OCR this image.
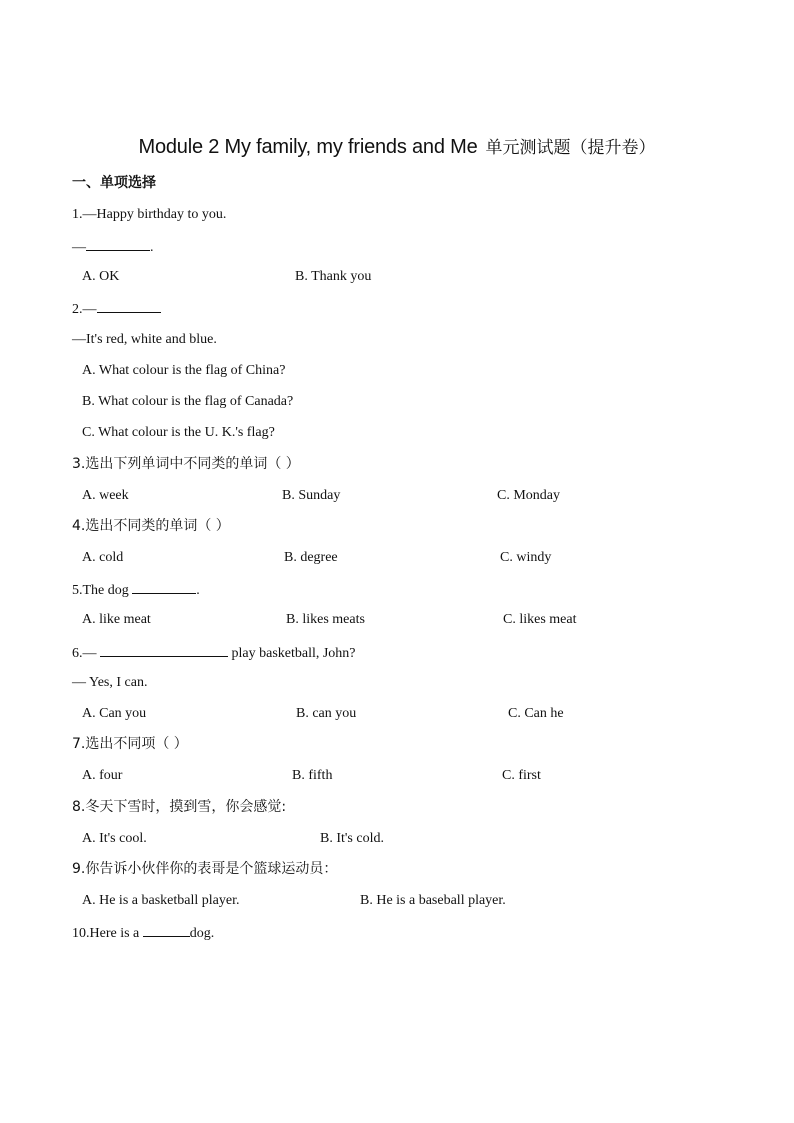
Module 2 My family, my friends and Me 单元测试题（提升卷）
一、单项选择
1.—Happy birthday to you.
—	.
A. OK	B. Thank you
2.—
—It's red, white and blue.
A. What colour is the flag of China?
B. What colour is the flag of Canada?
C. What colour is the U. K.'s flag?
3.选出下列单词中不同类的单词（ ）
A. week	B. Sunday	C. Monday
4.选出不同类的单词（ ）
A. cold	B. degree	C. windy
5.The dog	.
A. like meat	B. likes meats	C. likes meat
6.—	play basketball, John?
— Yes, I can.
A. Can you	B. can you	C. Can he
7.选出不同项（ ）
A. four	B. fifth	C. first
8.冬天下雪时，摸到雪，你会感觉:
A. It's cool.	B. It's cold.
9.你告诉小伙伴你的表哥是个篮球运动员：
A. He is a basketball player.	B. He is a baseball player.
10.Here is a	dog.
